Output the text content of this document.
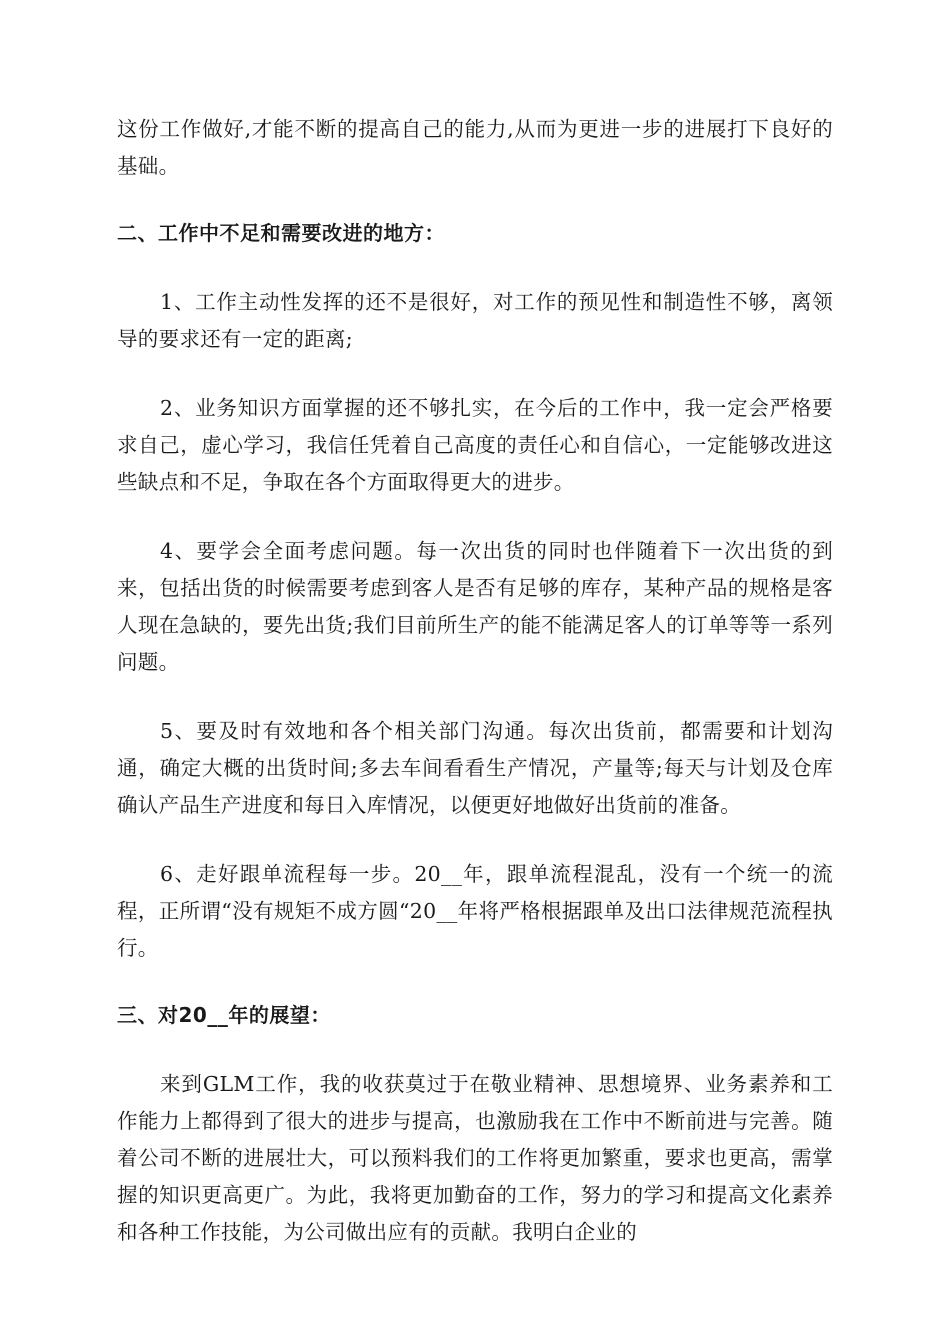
这份工作做好,才能不断的提高自己的能力,从而为更进一步的进展打下良好的基础。

二、工作中不足和需要改进的地方：

1、工作主动性发挥的还不是很好，对工作的预见性和制造性不够，离领导的要求还有一定的距离;

2、业务知识方面掌握的还不够扎实，在今后的工作中，我一定会严格要求自己，虚心学习，我信任凭着自己高度的责任心和自信心，一定能够改进这些缺点和不足，争取在各个方面取得更大的进步。

4、要学会全面考虑问题。每一次出货的同时也伴随着下一次出货的到来，包括出货的时候需要考虑到客人是否有足够的库存，某种产品的规格是客人现在急缺的，要先出货;我们目前所生产的能不能满足客人的订单等等一系列问题。

5、要及时有效地和各个相关部门沟通。每次出货前，都需要和计划沟通，确定大概的出货时间;多去车间看看生产情况，产量等;每天与计划及仓库确认产品生产进度和每日入库情况，以便更好地做好出货前的准备。

6、走好跟单流程每一步。20__年，跟单流程混乱，没有一个统一的流程，正所谓“没有规矩不成方圆“20__年将严格根据跟单及出口法律规范流程执行。

三、对20__年的展望：

来到GLM工作，我的收获莫过于在敬业精神、思想境界、业务素养和工作能力上都得到了很大的进步与提高，也激励我在工作中不断前进与完善。随着公司不断的进展壮大，可以预料我们的工作将更加繁重，要求也更高，需掌握的知识更高更广。为此，我将更加勤奋的工作，努力的学习和提高文化素养和各种工作技能，为公司做出应有的贡献。我明白企业的
